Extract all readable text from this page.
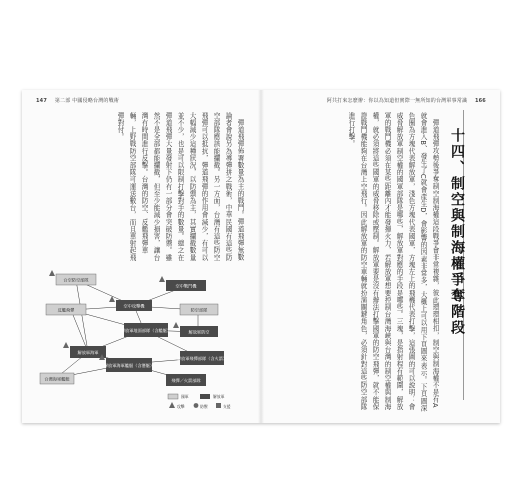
147 第二部 中國侵略台灣的戰術

彈道飛彈佈署數量為主的戰鬥。彈道飛彈無數論者會說另為導彈拼之戰術，中華民國有這些防空部隊應該能攔截。另一方面，台灣有這些防空飛彈可以抵抗，彈道飛彈的作用會減少，有可以大幅減少這種狀況，以防禦為主，其實攔截數量並不少，也是可以限制打擊對手的數量。總之在彈道飛彈大量發射下仍有一部分會突破防禦。雖然不是全部都能攔截，但至少能減少損害，讓台灣有時間進行反擊。台灣的防空、反艦飛彈車輛，上野戰防空部隊可運送數台，而且車射起飛彈對付。

台空防空部隊
空中攻擊機
反艦飛彈
空中戰鬥機
防空部隊
解放軍防空
台灣海軍艦艇
解放軍地面部隊（含艦艇）
解放軍海軍
解放軍海軍艦艇（含潛艇）
解放軍飛彈部隊（含火箭）
飛彈／火箭部隊
國軍	解放軍
攻擊	防禦	支援
阿共打來怎麼辦：你以為知道但實際一無所知的台灣軍事常識 166

彈道飛彈攻勢後爭奪制空制海權這段戰爭會非常複雜，彼此環環相扣，制空與制海權不是有A就會進入B、發生了C就會產生D，會影響的因素非常多，大概上可以用下頁圖來表示。下頁圖深色圈為方塊代表解放軍，淺色方塊代表國軍，方塊左上的飛機代表打擊，這張圖的可以說明：會威脅解放軍制空權的國軍部隊是哪些，解放軍對應的手段是哪些。三塊，是指射程有範圍，解放軍的戰鬥機必須在某些距離內才能發揮火力，若解放軍想要控制台灣海峽與台灣的制空權與制海權，就必須將這些國軍的威脅移除或壓制。解放軍要是沒有辦法打擊國軍的防空飛彈，就不能保證戰鬥機能夠在台灣上空飛行。因此解放軍的防空車輛就扮演關鍵角色，必須針對這些防空部隊進行打擊。	十四、制空與制海權爭奪階段
